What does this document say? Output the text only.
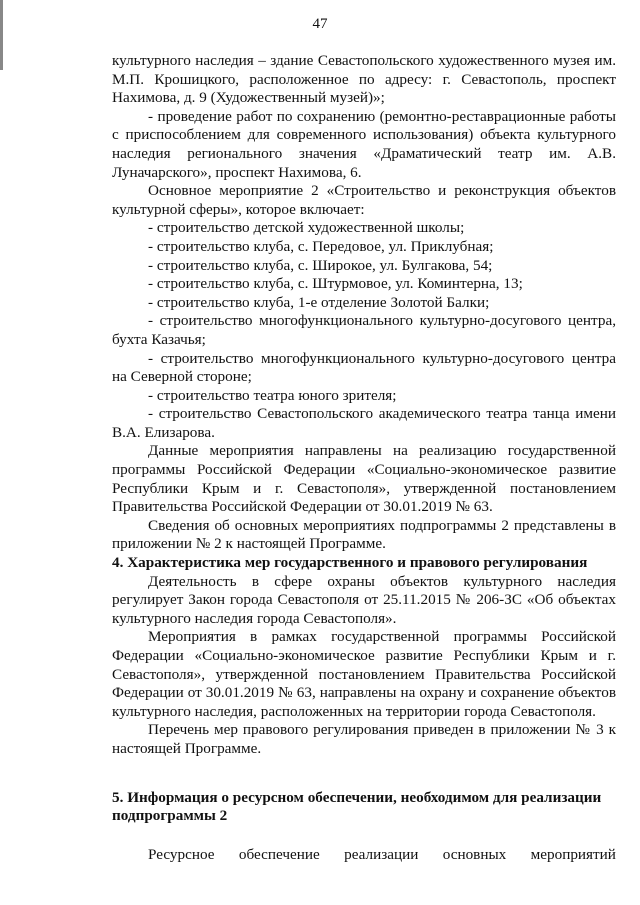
47

культурного наследия – здание Севастопольского художественного музея им. М.П. Крошицкого, расположенное по адресу: г. Севастополь, проспект Нахимова, д. 9 (Художественный музей)»;

- проведение работ по сохранению (ремонтно-реставрационные работы с приспособлением для современного использования) объекта культурного наследия регионального значения «Драматический театр им. А.В. Луначарского», проспект Нахимова, 6.

Основное мероприятие 2 «Строительство и реконструкция объектов культурной сферы», которое включает:

- строительство детской художественной школы;

- строительство клуба, с. Передовое, ул. Приклубная;

- строительство клуба, с. Широкое, ул. Булгакова, 54;

- строительство клуба, с. Штурмовое, ул. Коминтерна, 13;

- строительство клуба, 1-е отделение Золотой Балки;

- строительство многофункционального культурно-досугового центра, бухта Казачья;

- строительство многофункционального культурно-досугового центра на Северной стороне;

- строительство театра юного зрителя;

- строительство Севастопольского академического театра танца имени В.А. Елизарова.

Данные мероприятия направлены на реализацию государственной программы Российской Федерации «Социально-экономическое развитие Республики Крым и г. Севастополя», утвержденной постановлением Правительства Российской Федерации от 30.01.2019 № 63.

Сведения об основных мероприятиях подпрограммы 2 представлены в приложении № 2 к настоящей Программе.

4. Характеристика мер государственного и правового регулирования

Деятельность в сфере охраны объектов культурного наследия регулирует Закон города Севастополя от 25.11.2015 № 206-ЗС «Об объектах культурного наследия города Севастополя».

Мероприятия в рамках государственной программы Российской Федерации «Социально-экономическое развитие Республики Крым и г. Севастополя», утвержденной постановлением Правительства Российской Федерации от 30.01.2019 № 63, направлены на охрану и сохранение объектов культурного наследия, расположенных на территории города Севастополя.

Перечень мер правового регулирования приведен в приложении № 3 к настоящей Программе.

5. Информация о ресурсном обеспечении, необходимом для реализации

подпрограммы 2

Ресурсное обеспечение реализации основных мероприятий
